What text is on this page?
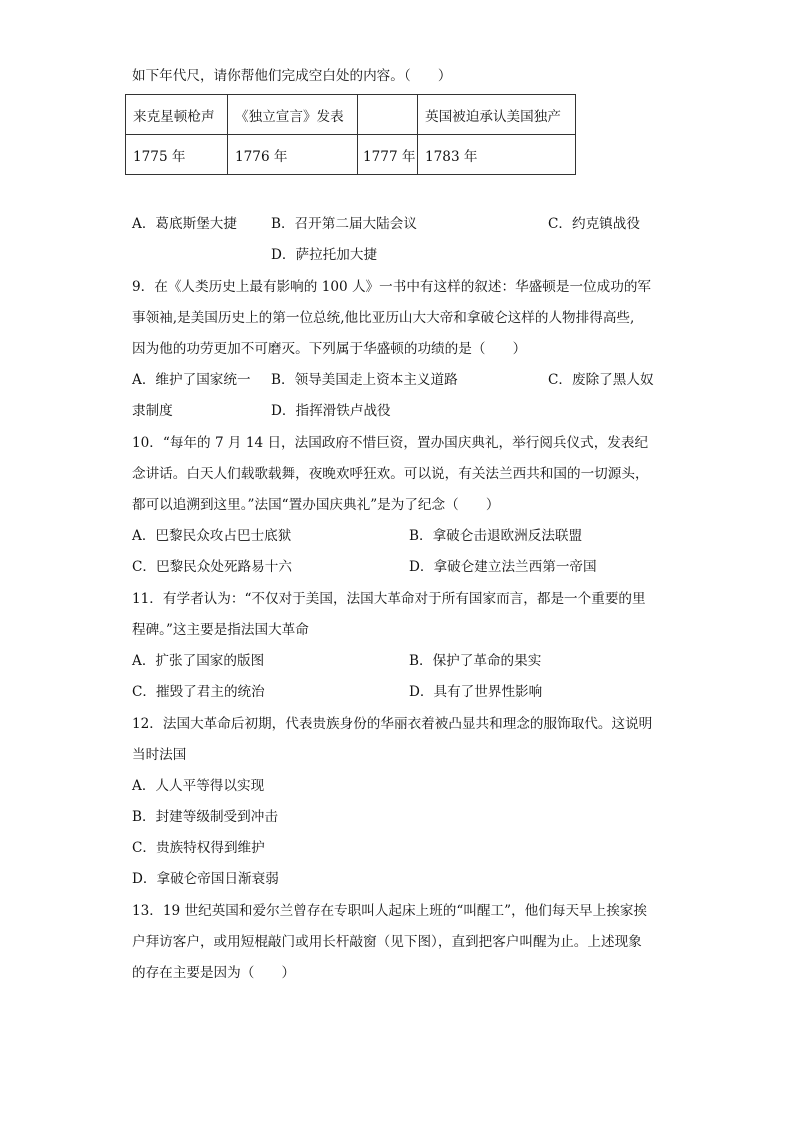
如下年代尺，请你帮他们完成空白处的内容。（　　）
来克星顿枪声	《独立宣言》发表		英国被迫承认美国独产
1775 年	1776 年	1777 年	1783 年
A．葛底斯堡大捷	B．召开第二届大陆会议	C．约克镇战役
D．萨拉托加大捷
9．在《人类历史上最有影响的 100 人》一书中有这样的叙述：华盛顿是一位成功的军
事领袖,是美国历史上的第一位总统,他比亚历山大大帝和拿破仑这样的人物排得高些,
因为他的功劳更加不可磨灭。下列属于华盛顿的功绩的是（　　）
A．维护了国家统一 B．领导美国走上资本主义道路	C．废除了黑人奴
隶制度	D．指挥滑铁卢战役
10．“每年的 7 月 14 日，法国政府不惜巨资，置办国庆典礼，举行阅兵仪式，发表纪
念讲话。白天人们载歌载舞，夜晚欢呼狂欢。可以说，有关法兰西共和国的一切源头，
都可以追溯到这里。”法国“置办国庆典礼”是为了纪念（　　）
A．巴黎民众攻占巴士底狱	B．拿破仑击退欧洲反法联盟
C．巴黎民众处死路易十六	D．拿破仑建立法兰西第一帝国
11．有学者认为：“不仅对于美国，法国大革命对于所有国家而言，都是一个重要的里
程碑。”这主要是指法国大革命
A．扩张了国家的版图	B．保护了革命的果实
C．摧毁了君主的统治	D．具有了世界性影响
12．法国大革命后初期，代表贵族身份的华丽衣着被凸显共和理念的服饰取代。这说明
当时法国
A．人人平等得以实现
B．封建等级制受到冲击
C．贵族特权得到维护
D．拿破仑帝国日渐衰弱
13．19 世纪英国和爱尔兰曾存在专职叫人起床上班的“叫醒工”，他们每天早上挨家挨
户拜访客户，或用短棍敲门或用长杆敲窗（见下图），直到把客户叫醒为止。上述现象
的存在主要是因为（　　）
